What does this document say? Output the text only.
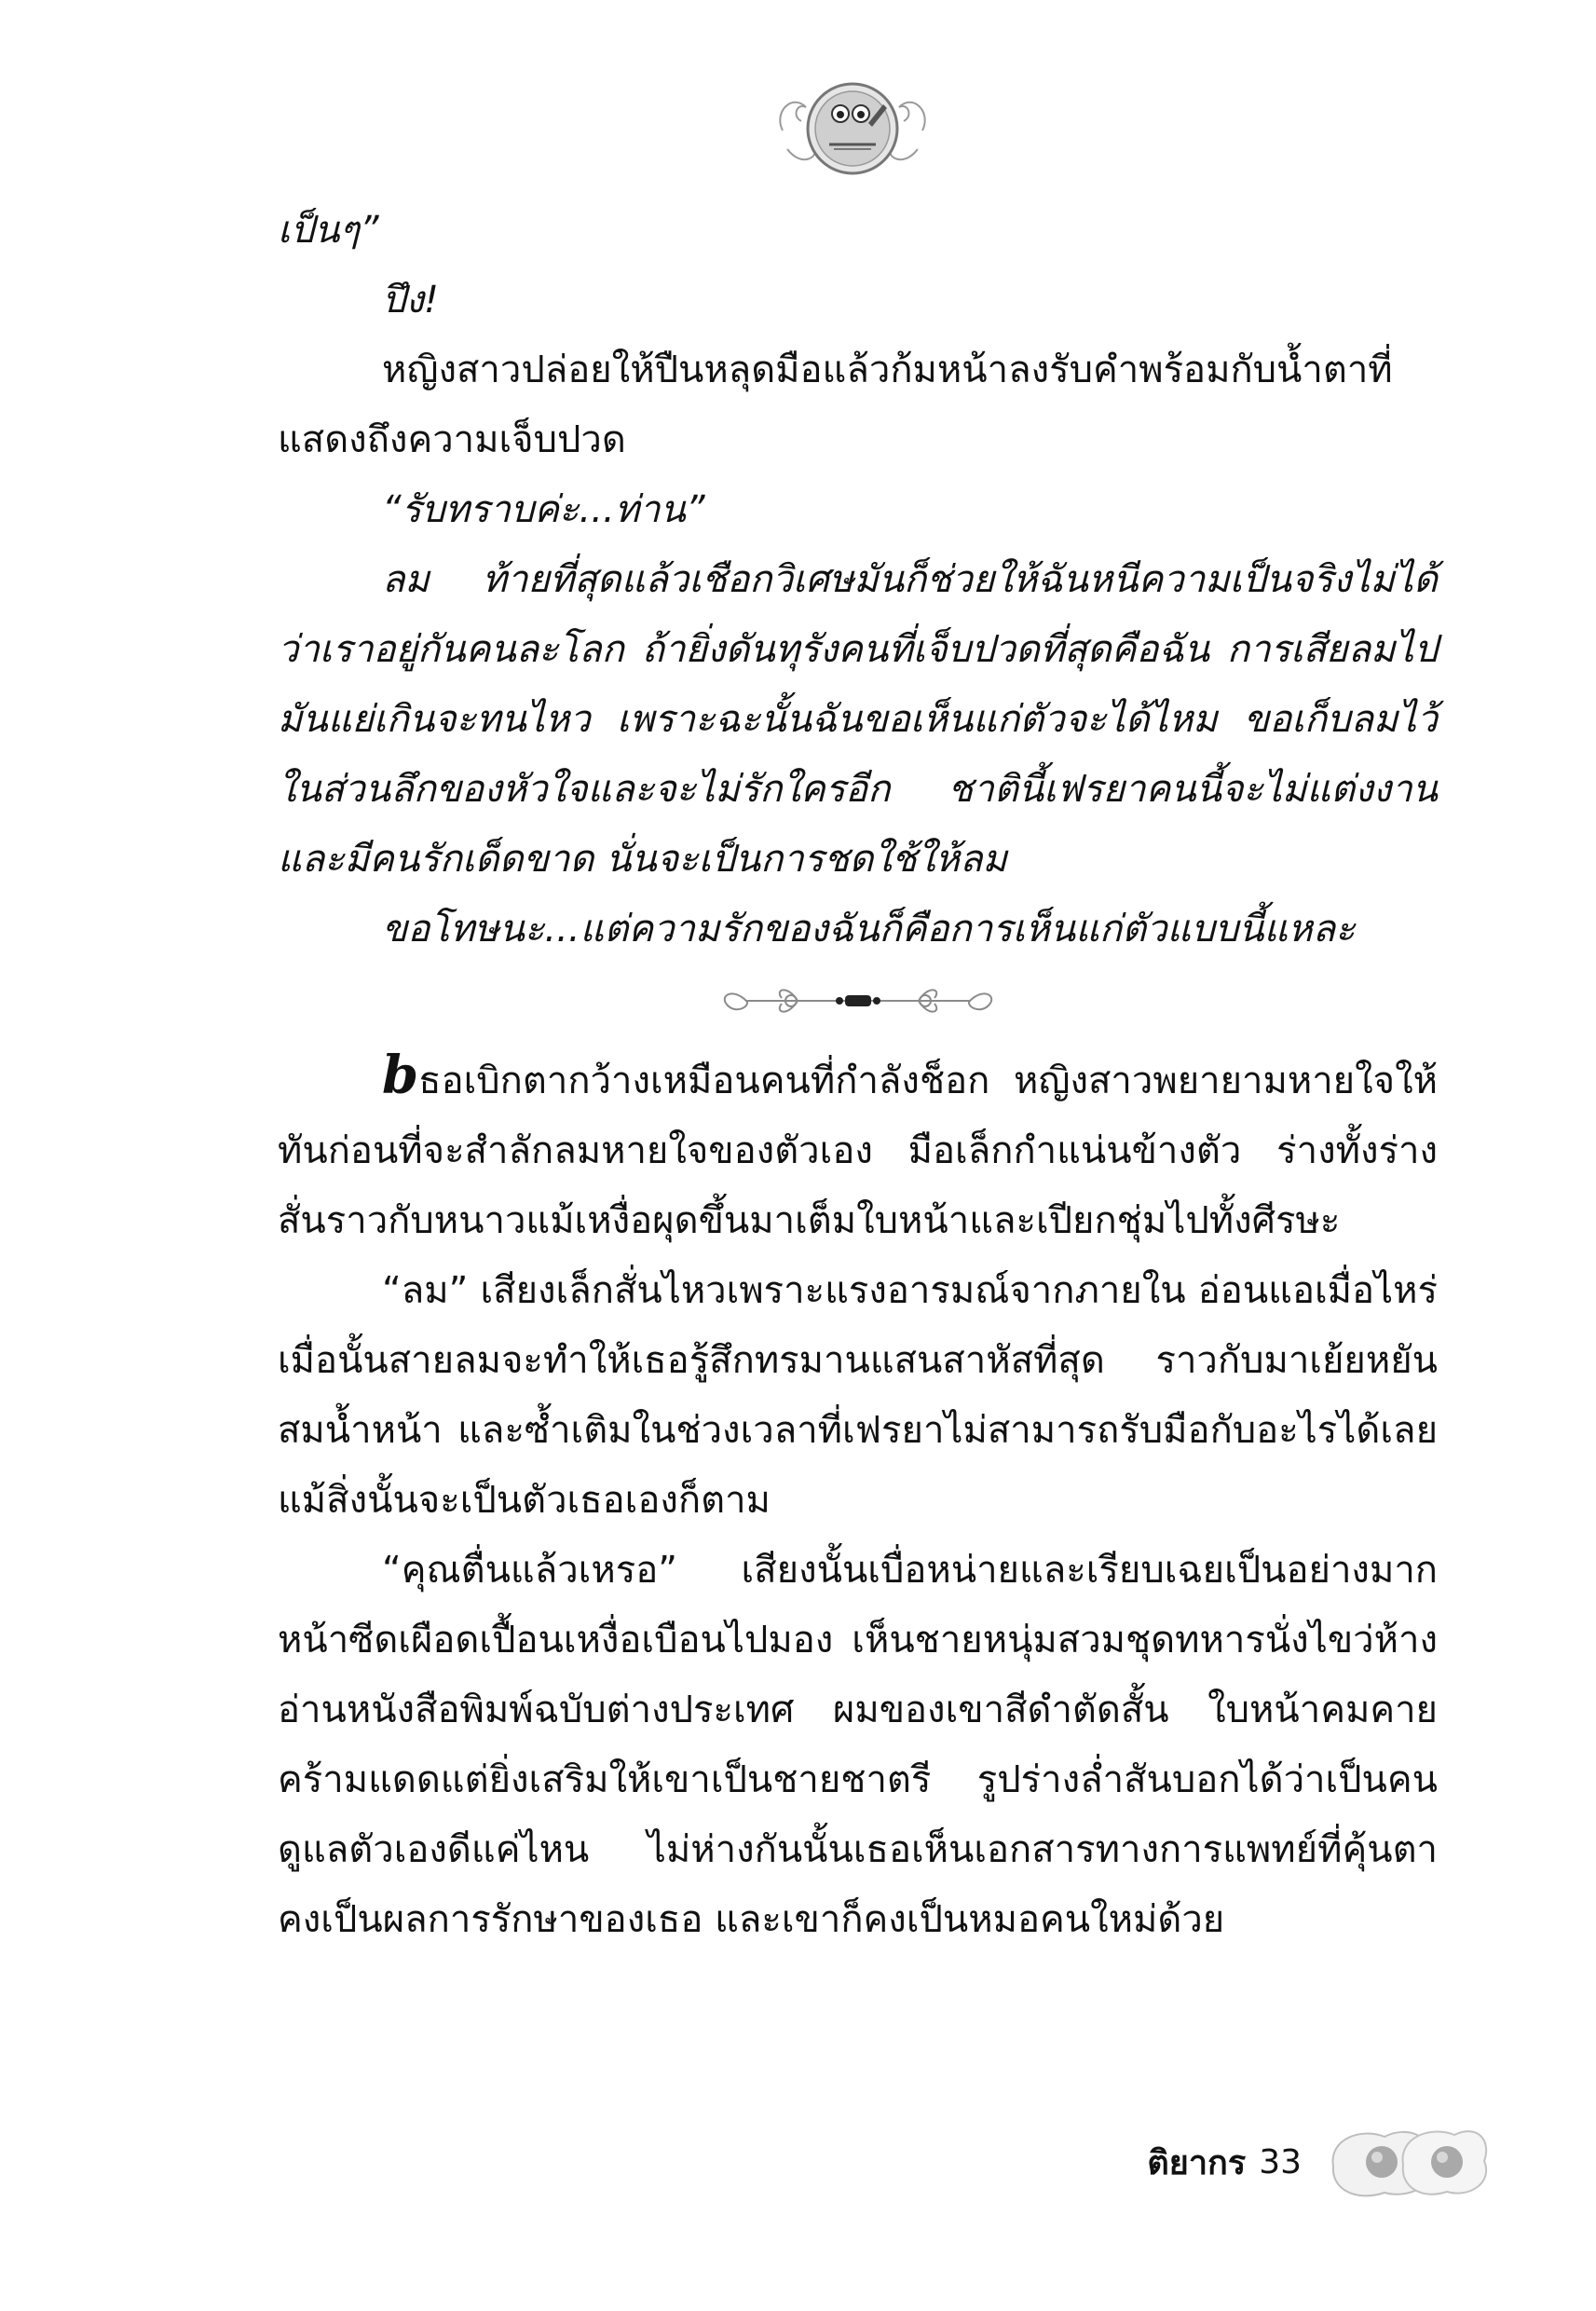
เป็นๆ”

ปึง!

หญิงสาวปล่อยให้ปืนหลุดมือแล้วก้มหน้าลงรับคำพร้อมกับน้ำตาที่แสดงถึงความเจ็บปวด

“รับทราบค่ะ...ท่าน”

ลม ท้ายที่สุดแล้วเชือกวิเศษมันก็ช่วยให้ฉันหนีความเป็นจริงไม่ได้ว่าเราอยู่กันคนละโลก ถ้ายิ่งดันทุรังคนที่เจ็บปวดที่สุดคือฉัน การเสียลมไปมันแย่เกินจะทนไหว เพราะฉะนั้นฉันขอเห็นแก่ตัวจะได้ไหม ขอเก็บลมไว้ในส่วนลึกของหัวใจและจะไม่รักใครอีก ชาตินี้เฟรยาคนนี้จะไม่แต่งงานและมีคนรักเด็ดขาด นั่นจะเป็นการชดใช้ให้ลม

ขอโทษนะ...แต่ความรักของฉันก็คือการเห็นแก่ตัวแบบนี้แหละ

bธอเบิกตากว้างเหมือนคนที่กำลังช็อก หญิงสาวพยายามหายใจให้ทันก่อนที่จะสำลักลมหายใจของตัวเอง มือเล็กกำแน่นข้างตัว ร่างทั้งร่างสั่นราวกับหนาวแม้เหงื่อผุดขึ้นมาเต็มใบหน้าและเปียกชุ่มไปทั้งศีรษะ

“ลม” เสียงเล็กสั่นไหวเพราะแรงอารมณ์จากภายใน อ่อนแอเมื่อไหร่ เมื่อนั้นสายลมจะทำให้เธอรู้สึกทรมานแสนสาหัสที่สุด ราวกับมาเย้ยหยัน สมน้ำหน้า และซ้ำเติมในช่วงเวลาที่เฟรยาไม่สามารถรับมือกับอะไรได้เลย แม้สิ่งนั้นจะเป็นตัวเธอเองก็ตาม

“คุณตื่นแล้วเหรอ” เสียงนั้นเบื่อหน่ายและเรียบเฉยเป็นอย่างมากหน้าซีดเผือดเปื้อนเหงื่อเบือนไปมอง เห็นชายหนุ่มสวมชุดทหารนั่งไขว่ห้างอ่านหนังสือพิมพ์ฉบับต่างประเทศ ผมของเขาสีดำตัดสั้น ใบหน้าคมคายคร้ามแดดแต่ยิ่งเสริมให้เขาเป็นชายชาตรี รูปร่างล่ำสันบอกได้ว่าเป็นคนดูแลตัวเองดีแค่ไหน ไม่ห่างกันนั้นเธอเห็นเอกสารทางการแพทย์ที่คุ้นตา คงเป็นผลการรักษาของเธอ และเขาก็คงเป็นหมอคนใหม่ด้วย

ติยากร 33
